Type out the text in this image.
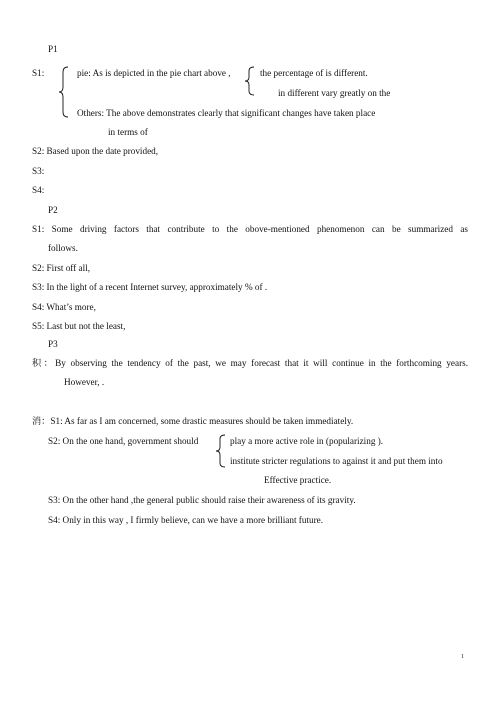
P1
S1:	pie: As is depicted in the pie chart above ,	the percentage of is different.
in different vary greatly on the
Others: The above demonstrates clearly that significant changes have taken place
in terms of
S2: Based upon the date provided,
S3:
S4:
P2
S1: Some driving factors that contribute to the obove-mentioned phenomenon can be summarized as
follows.
S2: First off all,
S3: In the light of a recent Internet survey, approximately % of .
S4: What’s more,
S5: Last but not the least,
P3
积：By observing the tendency of the past, we may forecast that it will continue in the forthcoming years.
However, .
消：S1: As far as I am concerned, some drastic measures should be taken immediately.
S2: On the one hand, government should	play a more active role in (popularizing ).
institute stricter regulations to against it and put them into
Effective practice.
S3: On the other hand ,the general public should raise their awareness of its gravity.
S4: Only in this way , I firmly believe, can we have a more brilliant future.
1
